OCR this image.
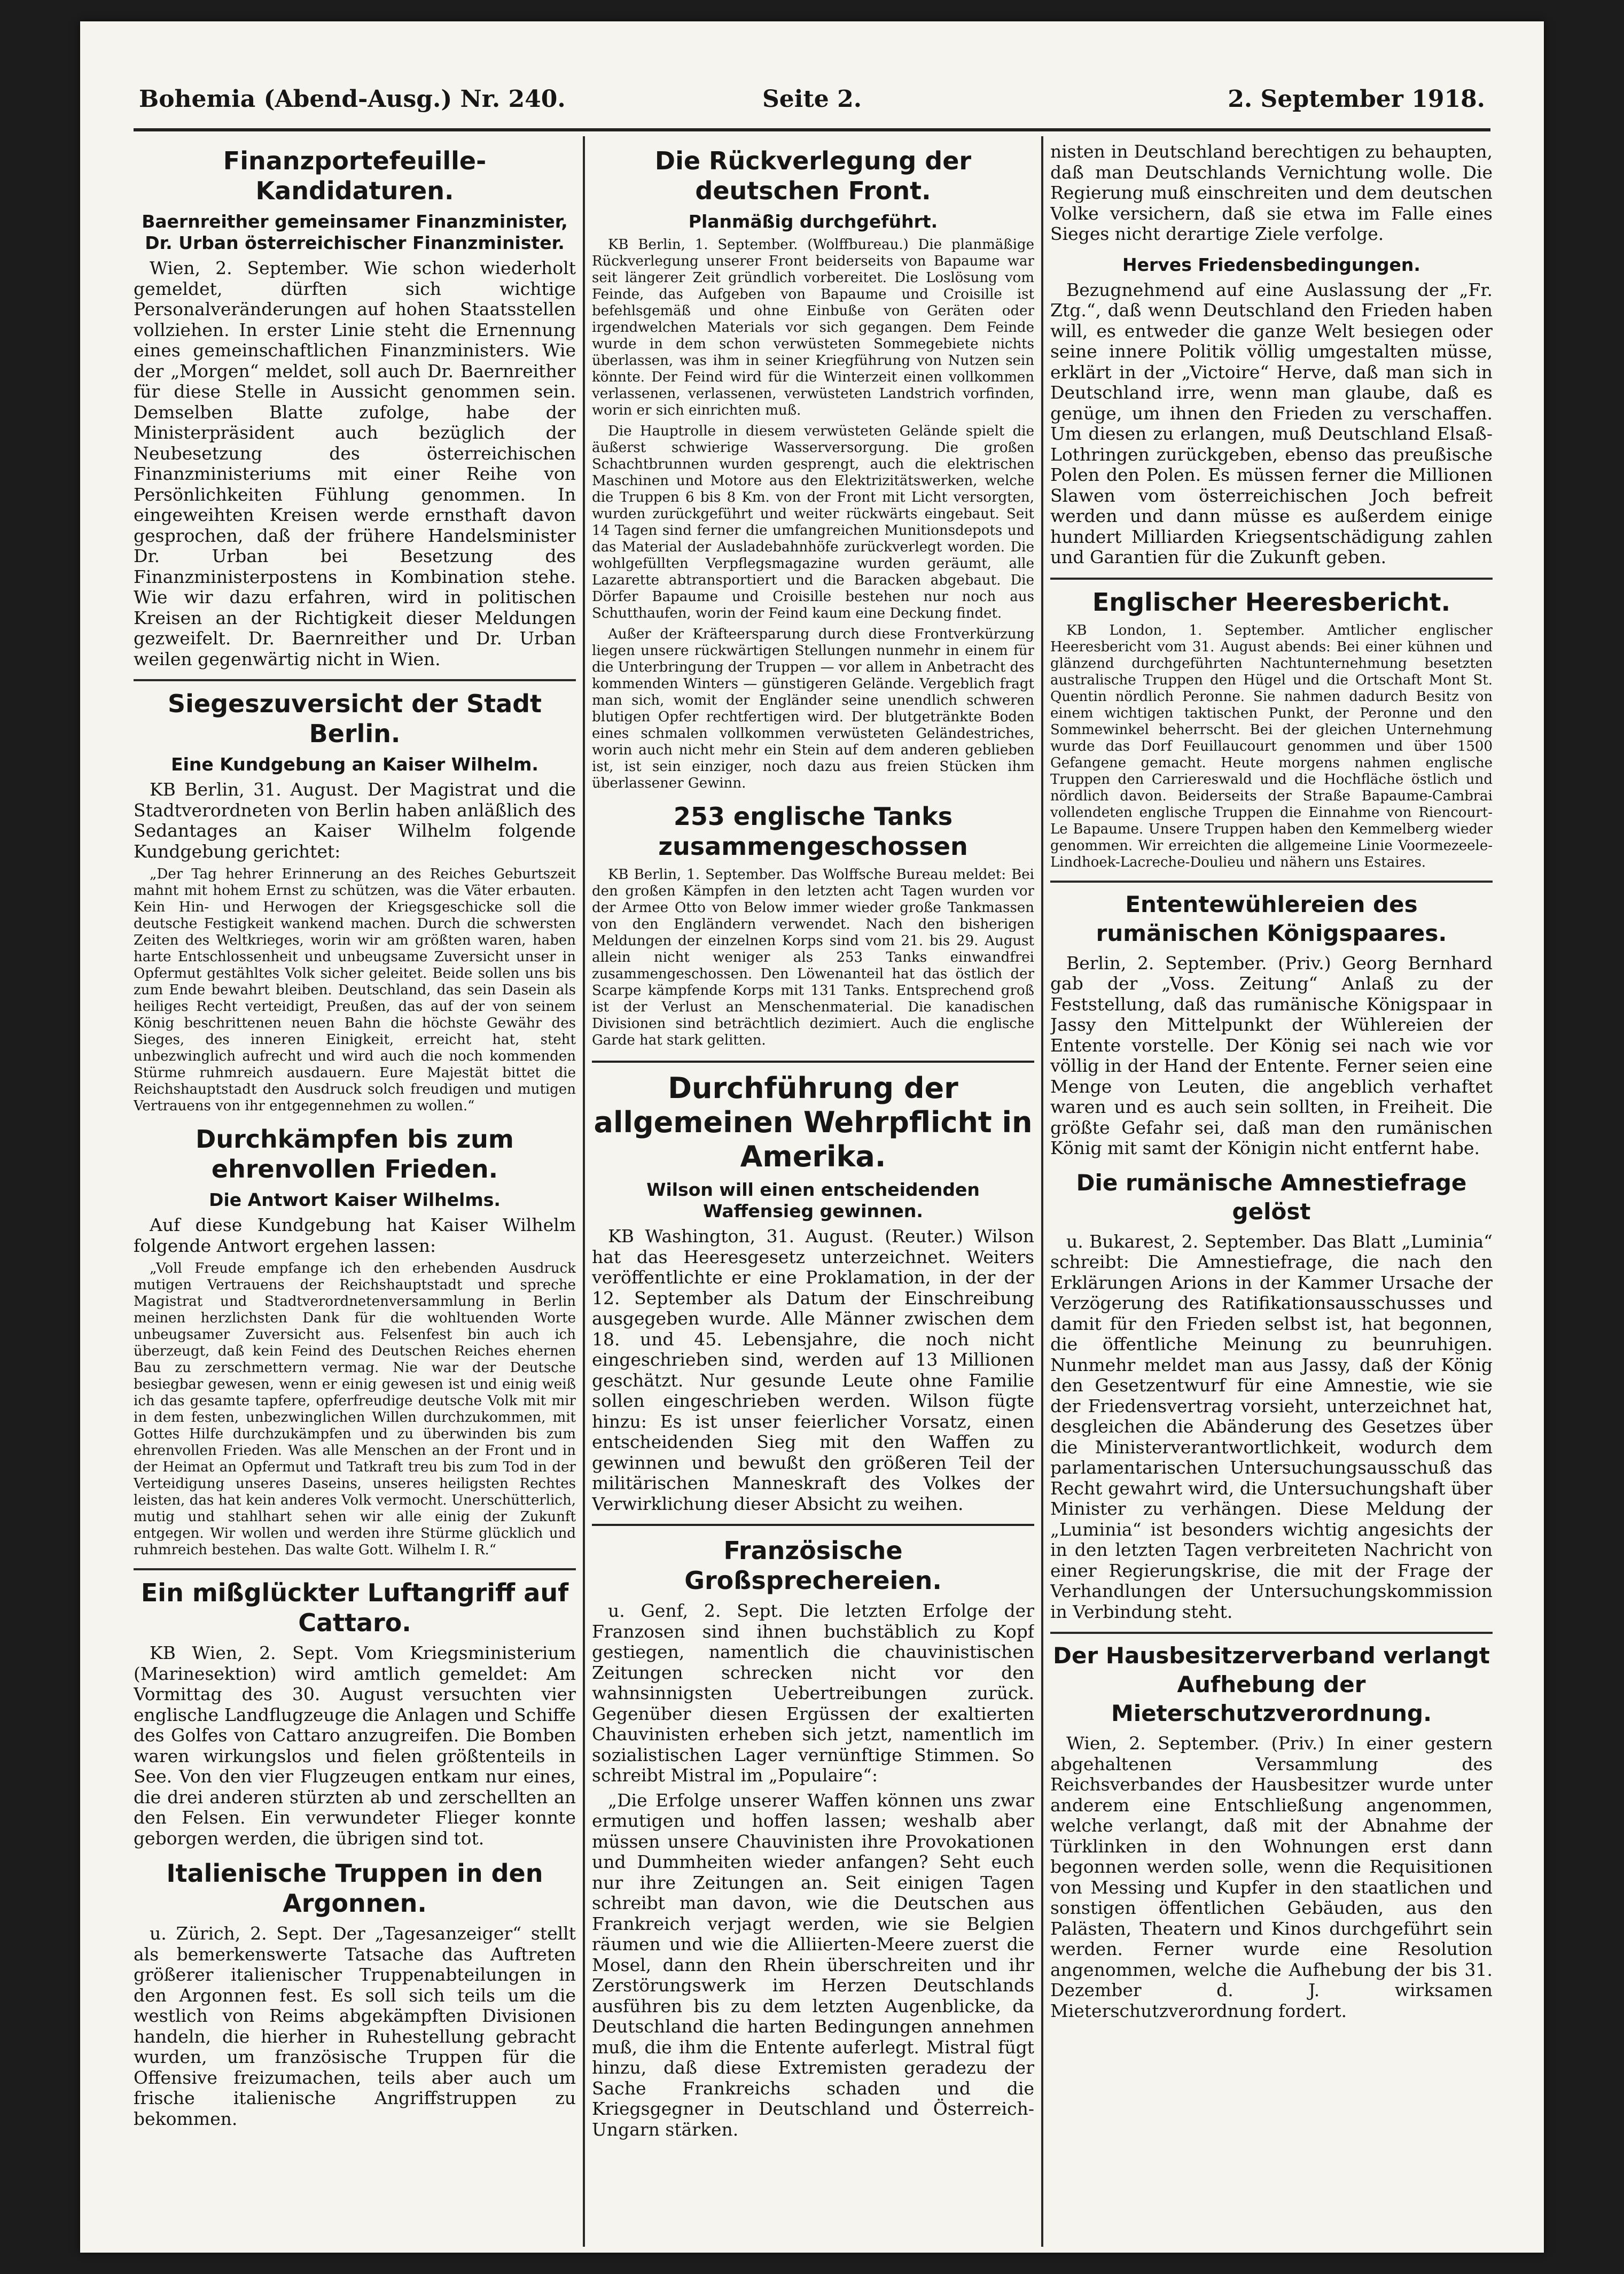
Bohemia (Abend-Ausg.) Nr. 240.	Seite 2.	2. September 1918.
Finanzportefeuille-Kandidaturen.
Baernreither gemeinsamer Finanzminister, Dr. Urban österreichischer Finanzminister.

Wien, 2. September. Wie schon wiederholt gemeldet, dürften sich wichtige Personalveränderungen auf hohen Staatsstellen vollziehen. In erster Linie steht die Ernennung eines gemeinschaftlichen Finanzministers. Wie der „Morgen“ meldet, soll auch Dr. Baernreither für diese Stelle in Aussicht genommen sein. Demselben Blatte zufolge, habe der Ministerpräsident auch bezüglich der Neubesetzung des österreichischen Finanzministeriums mit einer Reihe von Persönlichkeiten Fühlung genommen. In eingeweihten Kreisen werde ernsthaft davon gesprochen, daß der frühere Handelsminister Dr. Urban bei Besetzung des Finanzministerpostens in Kombination stehe. Wie wir dazu erfahren, wird in politischen Kreisen an der Richtigkeit dieser Meldungen gezweifelt. Dr. Baernreither und Dr. Urban weilen gegenwärtig nicht in Wien.

Siegeszuversicht der Stadt Berlin.
Eine Kundgebung an Kaiser Wilhelm.

KB Berlin, 31. August. Der Magistrat und die Stadtverordneten von Berlin haben anläßlich des Sedantages an Kaiser Wilhelm folgende Kundgebung gerichtet:

„Der Tag hehrer Erinnerung an des Reiches Geburtszeit mahnt mit hohem Ernst zu schützen, was die Väter erbauten. Kein Hin- und Herwogen der Kriegsgeschicke soll die deutsche Festigkeit wankend machen. Durch die schwersten Zeiten des Weltkrieges, worin wir am größten waren, haben harte Entschlossenheit und unbeugsame Zuversicht unser in Opfermut gestähltes Volk sicher geleitet. Beide sollen uns bis zum Ende bewahrt bleiben. Deutschland, das sein Dasein als heiliges Recht verteidigt, Preußen, das auf der von seinem König beschrittenen neuen Bahn die höchste Gewähr des Sieges, des inneren Einigkeit, erreicht hat, steht unbezwinglich aufrecht und wird auch die noch kommenden Stürme ruhmreich ausdauern. Eure Majestät bittet die Reichshauptstadt den Ausdruck solch freudigen und mutigen Vertrauens von ihr entgegennehmen zu wollen.“

Durchkämpfen bis zum ehrenvollen Frieden.
Die Antwort Kaiser Wilhelms.

Auf diese Kundgebung hat Kaiser Wilhelm folgende Antwort ergehen lassen:

„Voll Freude empfange ich den erhebenden Ausdruck mutigen Vertrauens der Reichshauptstadt und spreche Magistrat und Stadtverordnetenversammlung in Berlin meinen herzlichsten Dank für die wohltuenden Worte unbeugsamer Zuversicht aus. Felsenfest bin auch ich überzeugt, daß kein Feind des Deutschen Reiches ehernen Bau zu zerschmettern vermag. Nie war der Deutsche besiegbar gewesen, wenn er einig gewesen ist und einig weiß ich das gesamte tapfere, opferfreudige deutsche Volk mit mir in dem festen, unbezwinglichen Willen durchzukommen, mit Gottes Hilfe durchzukämpfen und zu überwinden bis zum ehrenvollen Frieden. Was alle Menschen an der Front und in der Heimat an Opfermut und Tatkraft treu bis zum Tod in der Verteidigung unseres Daseins, unseres heiligsten Rechtes leisten, das hat kein anderes Volk vermocht. Unerschütterlich, mutig und stahlhart sehen wir alle einig der Zukunft entgegen. Wir wollen und werden ihre Stürme glücklich und ruhmreich bestehen. Das walte Gott. Wilhelm I. R.“

Ein mißglückter Luftangriff auf Cattaro.

KB Wien, 2. Sept. Vom Kriegsministerium (Marinesektion) wird amtlich gemeldet: Am Vormittag des 30. August versuchten vier englische Landflugzeuge die Anlagen und Schiffe des Golfes von Cattaro anzugreifen. Die Bomben waren wirkungslos und fielen größtenteils in See. Von den vier Flugzeugen entkam nur eines, die drei anderen stürzten ab und zerschellten an den Felsen. Ein verwundeter Flieger konnte geborgen werden, die übrigen sind tot.

Italienische Truppen in den Argonnen.

u. Zürich, 2. Sept. Der „Tagesanzeiger“ stellt als bemerkenswerte Tatsache das Auftreten größerer italienischer Truppenabteilungen in den Argonnen fest. Es soll sich teils um die westlich von Reims abgekämpften Divisionen handeln, die hierher in Ruhestellung gebracht wurden, um französische Truppen für die Offensive freizumachen, teils aber auch um frische italienische Angriffstruppen zu bekommen.

Die Rückverlegung der deutschen Front.
Planmäßig durchgeführt.

KB Berlin, 1. September. (Wolffbureau.) Die planmäßige Rückverlegung unserer Front beiderseits von Bapaume war seit längerer Zeit gründlich vorbereitet. Die Loslösung vom Feinde, das Aufgeben von Bapaume und Croisille ist befehlsgemäß und ohne Einbuße von Geräten oder irgendwelchen Materials vor sich gegangen. Dem Feinde wurde in dem schon verwüsteten Sommegebiete nichts überlassen, was ihm in seiner Kriegführung von Nutzen sein könnte. Der Feind wird für die Winterzeit einen vollkommen verlassenen, verlassenen, verwüsteten Landstrich vorfinden, worin er sich einrichten muß.

Die Hauptrolle in diesem verwüsteten Gelände spielt die äußerst schwierige Wasserversorgung. Die großen Schachtbrunnen wurden gesprengt, auch die elektrischen Maschinen und Motore aus den Elektrizitätswerken, welche die Truppen 6 bis 8 Km. von der Front mit Licht versorgten, wurden zurückgeführt und weiter rückwärts eingebaut. Seit 14 Tagen sind ferner die umfangreichen Munitionsdepots und das Material der Ausladebahnhöfe zurückverlegt worden. Die wohlgefüllten Verpflegsmagazine wurden geräumt, alle Lazarette abtransportiert und die Baracken abgebaut. Die Dörfer Bapaume und Croisille bestehen nur noch aus Schutthaufen, worin der Feind kaum eine Deckung findet.

Außer der Kräfteersparung durch diese Frontverkürzung liegen unsere rückwärtigen Stellungen nunmehr in einem für die Unterbringung der Truppen — vor allem in Anbetracht des kommenden Winters — günstigeren Gelände. Vergeblich fragt man sich, womit der Engländer seine unendlich schweren blutigen Opfer rechtfertigen wird. Der blutgetränkte Boden eines schmalen vollkommen verwüsteten Geländestriches, worin auch nicht mehr ein Stein auf dem anderen geblieben ist, ist sein einziger, noch dazu aus freien Stücken ihm überlassener Gewinn.

253 englische Tanks zusammengeschossen

KB Berlin, 1. September. Das Wolffsche Bureau meldet: Bei den großen Kämpfen in den letzten acht Tagen wurden vor der Armee Otto von Below immer wieder große Tankmassen von den Engländern verwendet. Nach den bisherigen Meldungen der einzelnen Korps sind vom 21. bis 29. August allein nicht weniger als 253 Tanks einwandfrei zusammengeschossen. Den Löwenanteil hat das östlich der Scarpe kämpfende Korps mit 131 Tanks. Entsprechend groß ist der Verlust an Menschenmaterial. Die kanadischen Divisionen sind beträchtlich dezimiert. Auch die englische Garde hat stark gelitten.

Durchführung der allgemeinen Wehrpflicht in Amerika.
Wilson will einen entscheidenden Waffensieg gewinnen.

KB Washington, 31. August. (Reuter.) Wilson hat das Heeresgesetz unterzeichnet. Weiters veröffentlichte er eine Proklamation, in der der 12. September als Datum der Einschreibung ausgegeben wurde. Alle Männer zwischen dem 18. und 45. Lebensjahre, die noch nicht eingeschrieben sind, werden auf 13 Millionen geschätzt. Nur gesunde Leute ohne Familie sollen eingeschrieben werden. Wilson fügte hinzu: Es ist unser feierlicher Vorsatz, einen entscheidenden Sieg mit den Waffen zu gewinnen und bewußt den größeren Teil der militärischen Manneskraft des Volkes der Verwirklichung dieser Absicht zu weihen.

Französische Großsprechereien.

u. Genf, 2. Sept. Die letzten Erfolge der Franzosen sind ihnen buchstäblich zu Kopf gestiegen, namentlich die chauvinistischen Zeitungen schrecken nicht vor den wahnsinnigsten Uebertreibungen zurück. Gegenüber diesen Ergüssen der exaltierten Chauvinisten erheben sich jetzt, namentlich im sozialistischen Lager vernünftige Stimmen. So schreibt Mistral im „Populaire“:

„Die Erfolge unserer Waffen können uns zwar ermutigen und hoffen lassen; weshalb aber müssen unsere Chauvinisten ihre Provokationen und Dummheiten wieder anfangen? Seht euch nur ihre Zeitungen an. Seit einigen Tagen schreibt man davon, wie die Deutschen aus Frankreich verjagt werden, wie sie Belgien räumen und wie die Alliierten-Meere zuerst die Mosel, dann den Rhein überschreiten und ihr Zerstörungswerk im Herzen Deutschlands ausführen bis zu dem letzten Augenblicke, da Deutschland die harten Bedingungen annehmen muß, die ihm die Entente auferlegt. Mistral fügt hinzu, daß diese Extremisten geradezu der Sache Frankreichs schaden und die Kriegsgegner in Deutschland und Österreich-Ungarn stärken.

nisten in Deutschland berechtigen zu behaupten, daß man Deutschlands Vernichtung wolle. Die Regierung muß einschreiten und dem deutschen Volke versichern, daß sie etwa im Falle eines Sieges nicht derartige Ziele verfolge.

Herves Friedensbedingungen.

Bezugnehmend auf eine Auslassung der „Fr. Ztg.“, daß wenn Deutschland den Frieden haben will, es entweder die ganze Welt besiegen oder seine innere Politik völlig umgestalten müsse, erklärt in der „Victoire“ Herve, daß man sich in Deutschland irre, wenn man glaube, daß es genüge, um ihnen den Frieden zu verschaffen. Um diesen zu erlangen, muß Deutschland Elsaß-Lothringen zurückgeben, ebenso das preußische Polen den Polen. Es müssen ferner die Millionen Slawen vom österreichischen Joch befreit werden und dann müsse es außerdem einige hundert Milliarden Kriegsentschädigung zahlen und Garantien für die Zukunft geben.

Englischer Heeresbericht.

KB London, 1. September. Amtlicher englischer Heeresbericht vom 31. August abends: Bei einer kühnen und glänzend durchgeführten Nachtunternehmung besetzten australische Truppen den Hügel und die Ortschaft Mont St. Quentin nördlich Peronne. Sie nahmen dadurch Besitz von einem wichtigen taktischen Punkt, der Peronne und den Sommewinkel beherrscht. Bei der gleichen Unternehmung wurde das Dorf Feuillaucourt genommen und über 1500 Gefangene gemacht. Heute morgens nahmen englische Truppen den Carriereswald und die Hochfläche östlich und nördlich davon. Beiderseits der Straße Bapaume-Cambrai vollendeten englische Truppen die Einnahme von Riencourt-Le Bapaume. Unsere Truppen haben den Kemmelberg wieder genommen. Wir erreichten die allgemeine Linie Voormezeele-Lindhoek-Lacreche-Doulieu und nähern uns Estaires.

Ententewühlereien des rumänischen Königspaares.

Berlin, 2. September. (Priv.) Georg Bernhard gab der „Voss. Zeitung“ Anlaß zu der Feststellung, daß das rumänische Königspaar in Jassy den Mittelpunkt der Wühlereien der Entente vorstelle. Der König sei nach wie vor völlig in der Hand der Entente. Ferner seien eine Menge von Leuten, die angeblich verhaftet waren und es auch sein sollten, in Freiheit. Die größte Gefahr sei, daß man den rumänischen König mit samt der Königin nicht entfernt habe.

Die rumänische Amnestiefrage gelöst

u. Bukarest, 2. September. Das Blatt „Luminia“ schreibt: Die Amnestiefrage, die nach den Erklärungen Arions in der Kammer Ursache der Verzögerung des Ratifikationsausschusses und damit für den Frieden selbst ist, hat begonnen, die öffentliche Meinung zu beunruhigen. Nunmehr meldet man aus Jassy, daß der König den Gesetzentwurf für eine Amnestie, wie sie der Friedensvertrag vorsieht, unterzeichnet hat, desgleichen die Abänderung des Gesetzes über die Ministerverantwortlichkeit, wodurch dem parlamentarischen Untersuchungsausschuß das Recht gewahrt wird, die Untersuchungshaft über Minister zu verhängen. Diese Meldung der „Luminia“ ist besonders wichtig angesichts der in den letzten Tagen verbreiteten Nachricht von einer Regierungskrise, die mit der Frage der Verhandlungen der Untersuchungskommission in Verbindung steht.

Der Hausbesitzerverband verlangt Aufhebung der Mieterschutzverordnung.

Wien, 2. September. (Priv.) In einer gestern abgehaltenen Versammlung des Reichsverbandes der Hausbesitzer wurde unter anderem eine Entschließung angenommen, welche verlangt, daß mit der Abnahme der Türklinken in den Wohnungen erst dann begonnen werden solle, wenn die Requisitionen von Messing und Kupfer in den staatlichen und sonstigen öffentlichen Gebäuden, aus den Palästen, Theatern und Kinos durchgeführt sein werden. Ferner wurde eine Resolution angenommen, welche die Aufhebung der bis 31. Dezember d. J. wirksamen Mieterschutzverordnung fordert.
